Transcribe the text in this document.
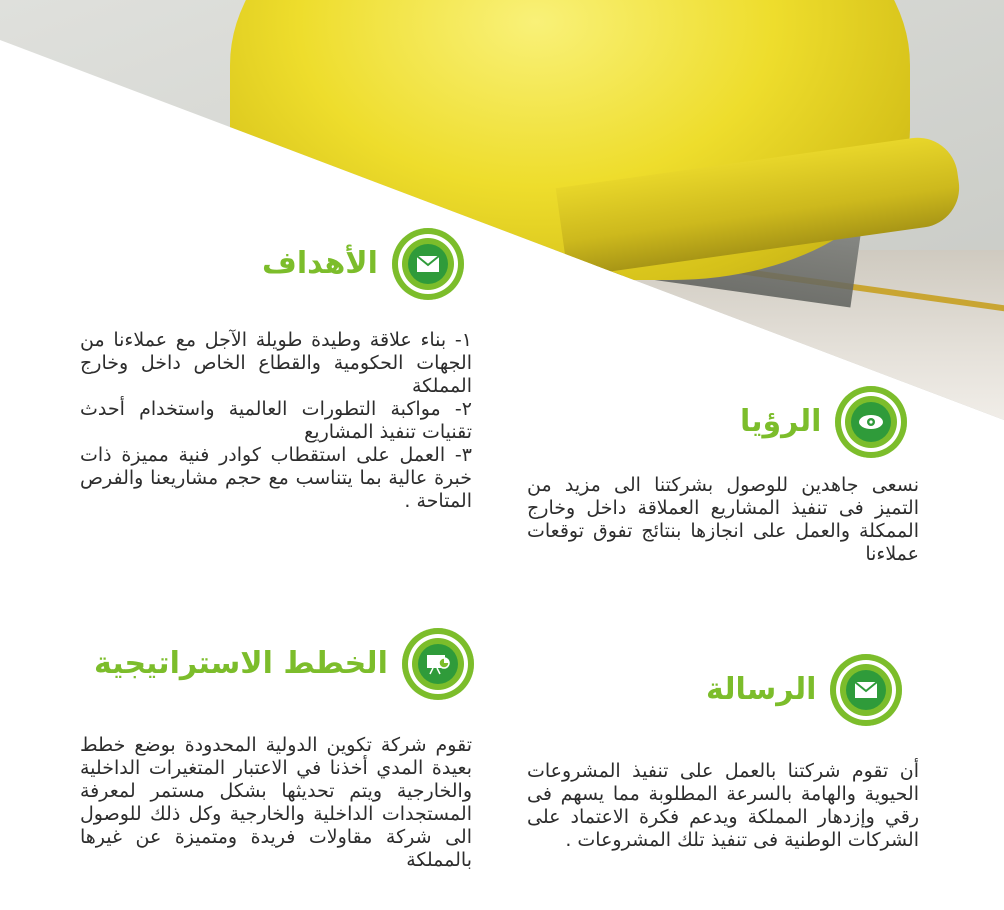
الأهداف

١- بناء علاقة وطيدة طويلة الآجل مع عملاءنا من الجهات الحكومية والقطاع الخاص داخل وخارج المملكة

٢- مواكبة التطورات العالمية واستخدام أحدث تقنيات تنفيذ المشاريع

٣- العمل على استقطاب كوادر فنية مميزة ذات خبرة عالية بما يتناسب مع حجم مشاريعنا والفرص المتاحة .

الرؤيا
نسعى جاهدين للوصول بشركتنا الى مزيد من التميز فى تنفيذ المشاريع العملاقة داخل وخارج الممكلة والعمل على انجازها بنتائج تفوق توقعات عملاءنا
الخطط الاستراتيجية
تقوم شركة تكوين الدولية المحدودة بوضع خطط بعيدة المدي أخذنا في الاعتبار المتغيرات الداخلية والخارجية ويتم تحديثها بشكل مستمر لمعرفة المستجدات الداخلية والخارجية وكل ذلك للوصول الى شركة مقاولات فريدة ومتميزة عن غيرها بالمملكة
الرسالة
أن تقوم شركتنا بالعمل على تنفيذ المشروعات الحيوية والهامة بالسرعة المطلوبة مما يسهم فى رقي وإزدهار المملكة ويدعم فكرة الاعتماد على الشركات الوطنية فى تنفيذ تلك المشروعات .
